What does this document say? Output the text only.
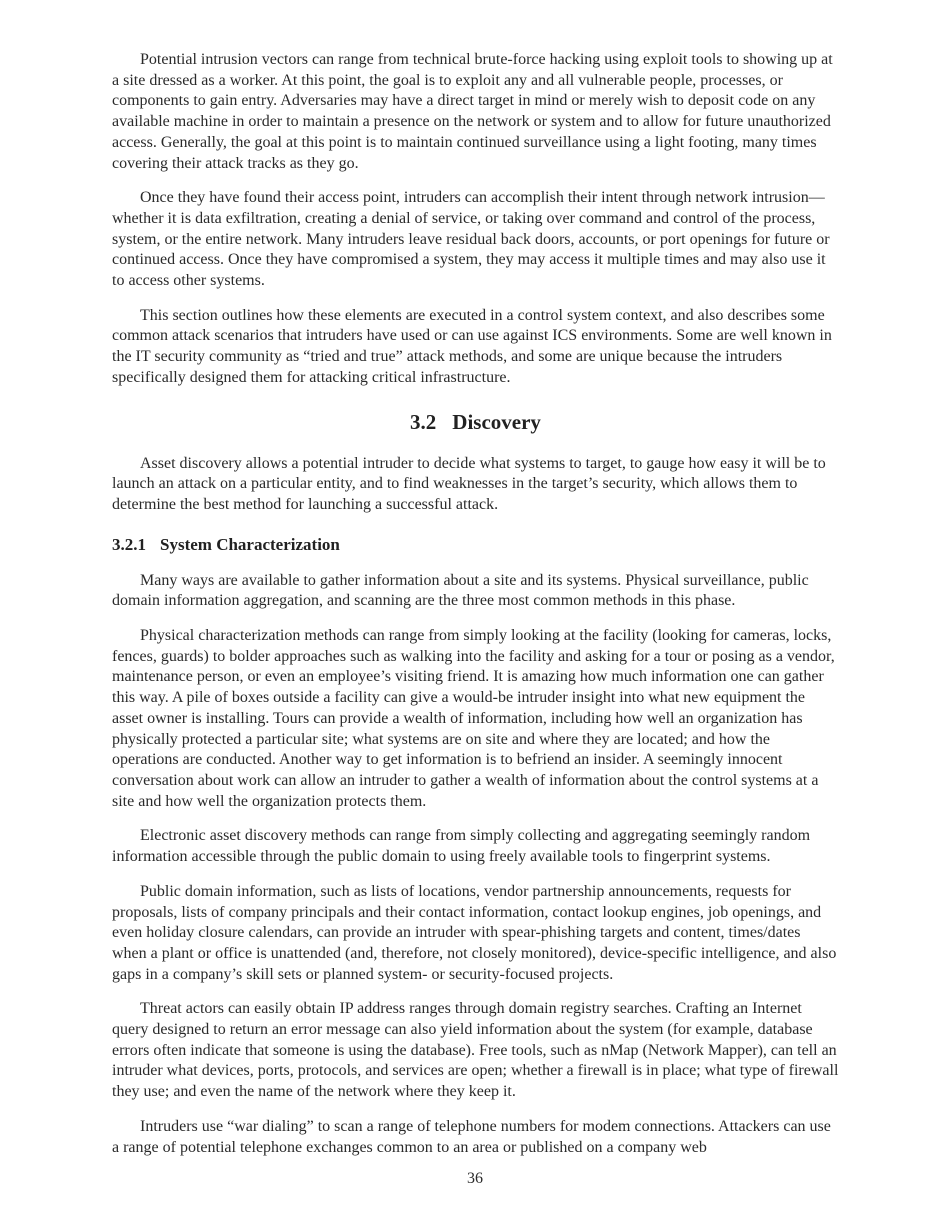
Potential intrusion vectors can range from technical brute-force hacking using exploit tools to showing up at a site dressed as a worker. At this point, the goal is to exploit any and all vulnerable people, processes, or components to gain entry. Adversaries may have a direct target in mind or merely wish to deposit code on any available machine in order to maintain a presence on the network or system and to allow for future unauthorized access. Generally, the goal at this point is to maintain continued surveillance using a light footing, many times covering their attack tracks as they go.

Once they have found their access point, intruders can accomplish their intent through network intrusion—whether it is data exfiltration, creating a denial of service, or taking over command and control of the process, system, or the entire network. Many intruders leave residual back doors, accounts, or port openings for future or continued access. Once they have compromised a system, they may access it multiple times and may also use it to access other systems.

This section outlines how these elements are executed in a control system context, and also describes some common attack scenarios that intruders have used or can use against ICS environments. Some are well known in the IT security community as “tried and true” attack methods, and some are unique because the intruders specifically designed them for attacking critical infrastructure.

3.2 Discovery

Asset discovery allows a potential intruder to decide what systems to target, to gauge how easy it will be to launch an attack on a particular entity, and to find weaknesses in the target’s security, which allows them to determine the best method for launching a successful attack.

3.2.1 System Characterization

Many ways are available to gather information about a site and its systems. Physical surveillance, public domain information aggregation, and scanning are the three most common methods in this phase.

Physical characterization methods can range from simply looking at the facility (looking for cameras, locks, fences, guards) to bolder approaches such as walking into the facility and asking for a tour or posing as a vendor, maintenance person, or even an employee’s visiting friend. It is amazing how much information one can gather this way. A pile of boxes outside a facility can give a would-be intruder insight into what new equipment the asset owner is installing. Tours can provide a wealth of information, including how well an organization has physically protected a particular site; what systems are on site and where they are located; and how the operations are conducted. Another way to get information is to befriend an insider. A seemingly innocent conversation about work can allow an intruder to gather a wealth of information about the control systems at a site and how well the organization protects them.

Electronic asset discovery methods can range from simply collecting and aggregating seemingly random information accessible through the public domain to using freely available tools to fingerprint systems.

Public domain information, such as lists of locations, vendor partnership announcements, requests for proposals, lists of company principals and their contact information, contact lookup engines, job openings, and even holiday closure calendars, can provide an intruder with spear-phishing targets and content, times/dates when a plant or office is unattended (and, therefore, not closely monitored), device-specific intelligence, and also gaps in a company’s skill sets or planned system- or security-focused projects.

Threat actors can easily obtain IP address ranges through domain registry searches. Crafting an Internet query designed to return an error message can also yield information about the system (for example, database errors often indicate that someone is using the database). Free tools, such as nMap (Network Mapper), can tell an intruder what devices, ports, protocols, and services are open; whether a firewall is in place; what type of firewall they use; and even the name of the network where they keep it.

Intruders use “war dialing” to scan a range of telephone numbers for modem connections. Attackers can use a range of potential telephone exchanges common to an area or published on a company web

36
